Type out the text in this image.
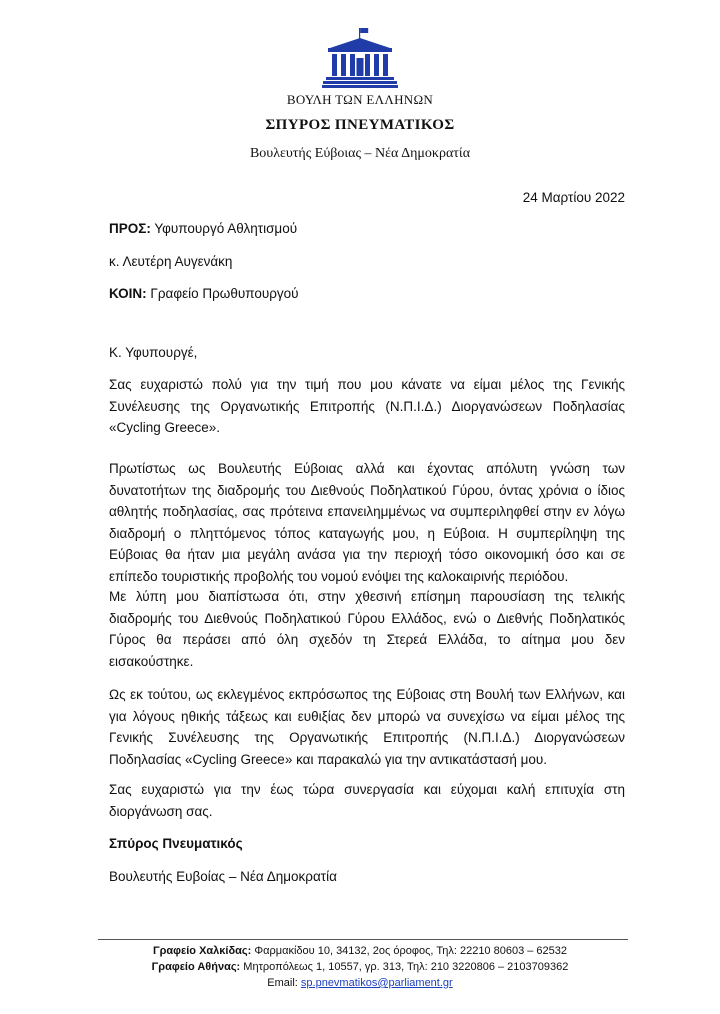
ΒΟΥΛΗ ΤΩΝ ΕΛΛΗΝΩΝ
ΣΠΥΡΟΣ ΠΝΕΥΜΑΤΙΚΟΣ
Βουλευτής Εύβοιας – Νέα Δημοκρατία
24 Μαρτίου 2022
ΠΡΟΣ: Υφυπουργό Αθλητισμού
κ. Λευτέρη Αυγενάκη
ΚΟΙΝ: Γραφείο Πρωθυπουργού
Κ. Υφυπουργέ,
Σας ευχαριστώ πολύ για την τιμή που μου κάνατε να είμαι μέλος της Γενικής Συνέλευσης της Οργανωτικής Επιτροπής (Ν.Π.Ι.Δ.) Διοργανώσεων Ποδηλασίας «Cycling Greece».
Πρωτίστως ως Βουλευτής Εύβοιας αλλά και έχοντας απόλυτη γνώση των δυνατοτήτων της διαδρομής του Διεθνούς Ποδηλατικού Γύρου, όντας χρόνια ο ίδιος αθλητής ποδηλασίας, σας πρότεινα επανειλημμένως να συμπεριληφθεί στην εν λόγω διαδρομή ο πληττόμενος τόπος καταγωγής μου, η Εύβοια. Η συμπερίληψη της Εύβοιας θα ήταν μια μεγάλη ανάσα για την περιοχή τόσο οικονομική όσο και σε επίπεδο τουριστικής προβολής του νομού ενόψει της καλοκαιρινής περιόδου.
Με λύπη μου διαπίστωσα ότι, στην χθεσινή επίσημη παρουσίαση της τελικής διαδρομής του Διεθνούς Ποδηλατικού Γύρου Ελλάδος, ενώ ο Διεθνής Ποδηλατικός Γύρος θα περάσει από όλη σχεδόν τη Στερεά Ελλάδα, το αίτημα μου δεν εισακούστηκε.
Ως εκ τούτου, ως εκλεγμένος εκπρόσωπος της Εύβοιας στη Βουλή των Ελλήνων, και για λόγους ηθικής τάξεως και ευθιξίας δεν μπορώ να συνεχίσω να είμαι μέλος της Γενικής Συνέλευσης της Οργανωτικής Επιτροπής (Ν.Π.Ι.Δ.) Διοργανώσεων Ποδηλασίας «Cycling Greece» και παρακαλώ για την αντικατάστασή μου.
Σας ευχαριστώ για την έως τώρα συνεργασία και εύχομαι καλή επιτυχία στη διοργάνωση σας.
Σπύρος Πνευματικός
Βουλευτής Ευβοίας – Νέα Δημοκρατία
Γραφείο Χαλκίδας: Φαρμακίδου 10, 34132, 2ος όροφος, Τηλ: 22210 80603 – 62532
Γραφείο Αθήνας: Μητροπόλεως 1, 10557, γρ. 313, Τηλ: 210 3220806 – 2103709362
Email: sp.pnevmatikos@parliament.gr
